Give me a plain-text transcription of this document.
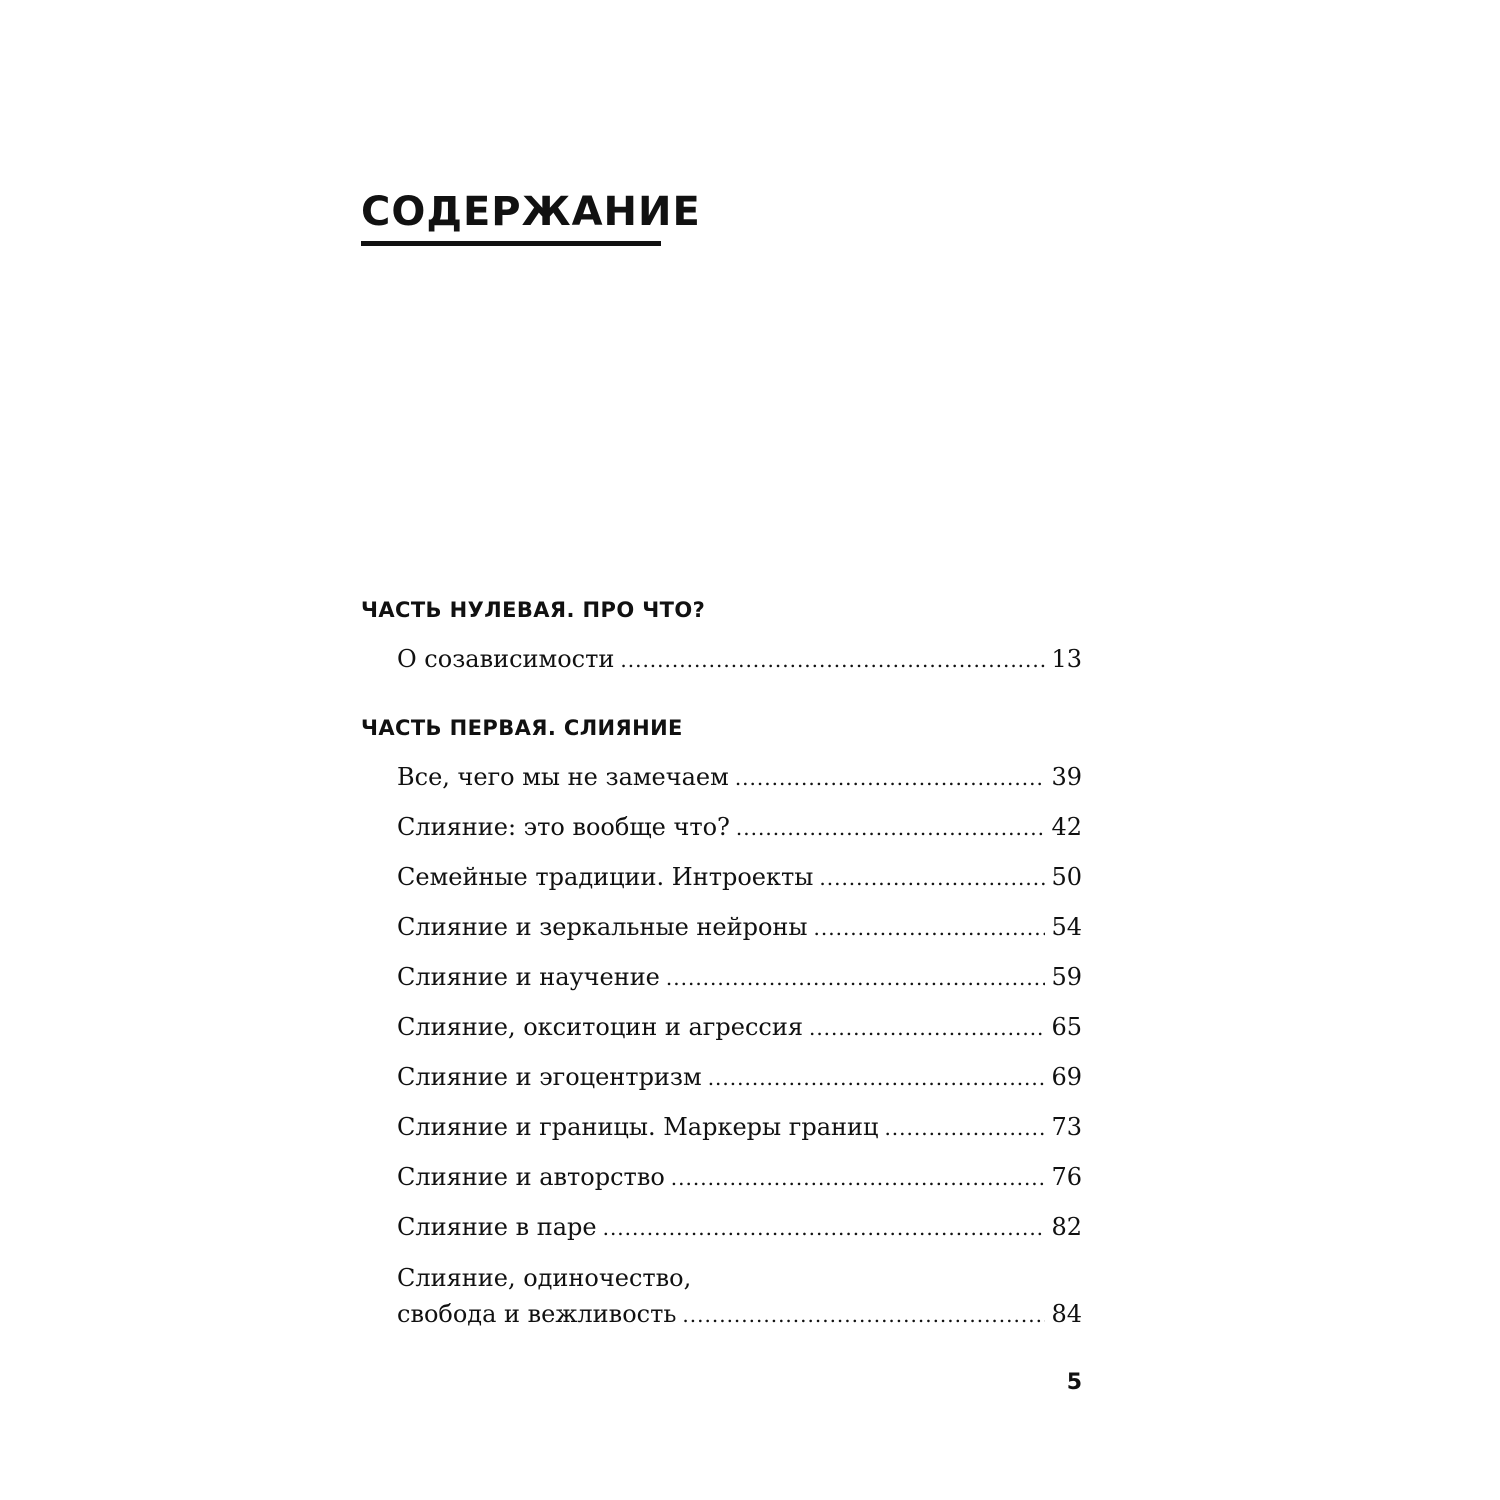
СОДЕРЖАНИЕ
ЧАСТЬ НУЛЕВАЯ. ПРО ЧТО?
О созависимости .....	13
ЧАСТЬ ПЕРВАЯ. СЛИЯНИЕ
Все, чего мы не замечаем .....	39
Слияние: это вообще что? .....	42
Семейные традиции. Интроекты .....	50
Слияние и зеркальные нейроны .....	54
Слияние и научение .....	59
Слияние, окситоцин и агрессия .....	65
Слияние и эгоцентризм .....	69
Слияние и границы. Маркеры границ .....	73
Слияние и авторство .....	76
Слияние в паре .....	82
Слияние, одиночество,
свобода и вежливость .....	84
5
